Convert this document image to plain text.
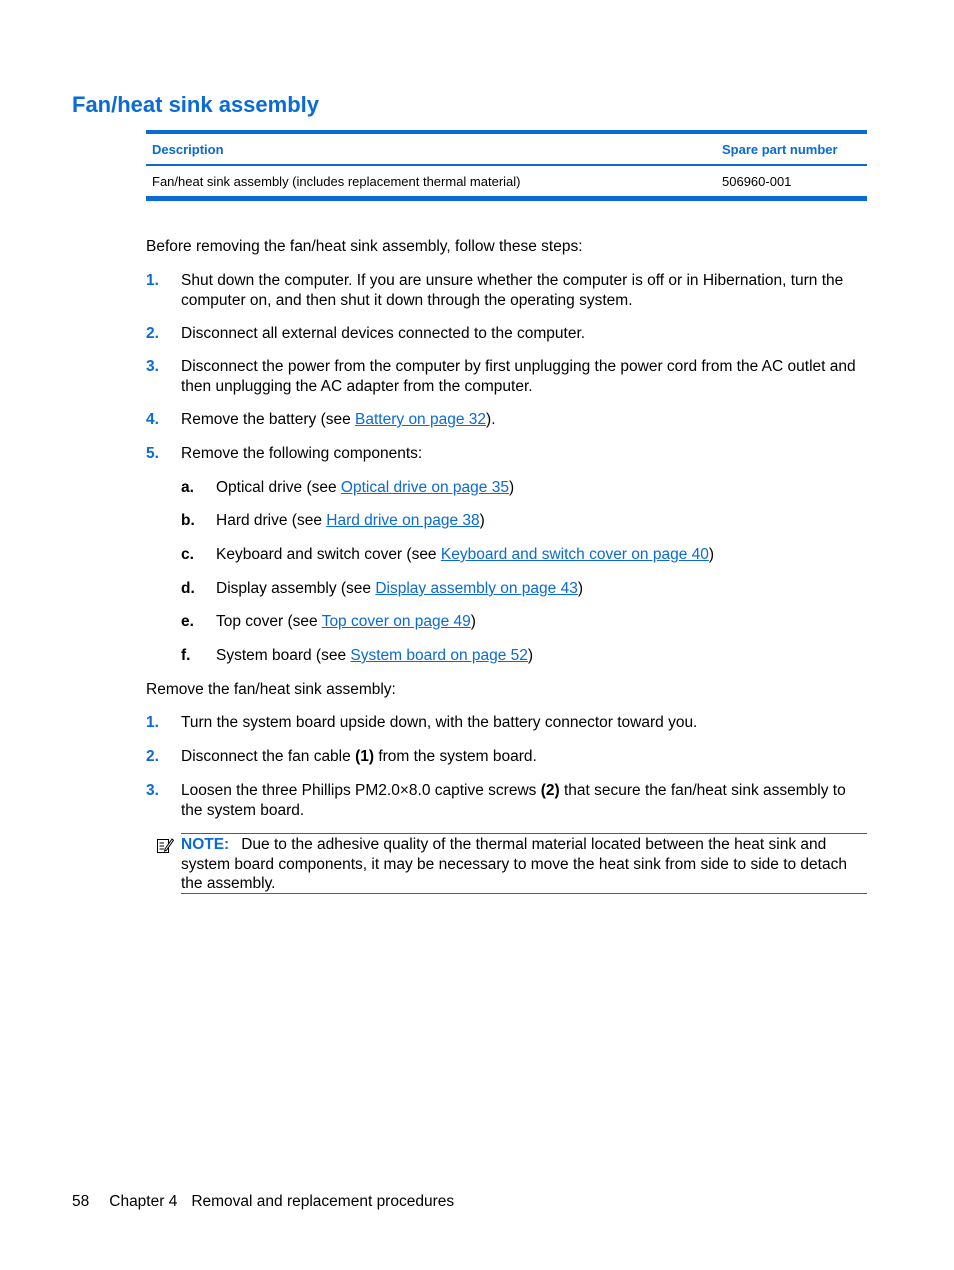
Fan/heat sink assembly
Description	Spare part number
Fan/heat sink assembly (includes replacement thermal material)	506960-001
Before removing the fan/heat sink assembly, follow these steps:
1. Shut down the computer. If you are unsure whether the computer is off or in Hibernation, turn the computer on, and then shut it down through the operating system.
2. Disconnect all external devices connected to the computer.
3. Disconnect the power from the computer by first unplugging the power cord from the AC outlet and then unplugging the AC adapter from the computer.
4. Remove the battery (see Battery on page 32).
5. Remove the following components:
a. Optical drive (see Optical drive on page 35)
b. Hard drive (see Hard drive on page 38)
c. Keyboard and switch cover (see Keyboard and switch cover on page 40)
d. Display assembly (see Display assembly on page 43)
e. Top cover (see Top cover on page 49)
f. System board (see System board on page 52)
Remove the fan/heat sink assembly:
1. Turn the system board upside down, with the battery connector toward you.
2. Disconnect the fan cable (1) from the system board.
3. Loosen the three Phillips PM2.0×8.0 captive screws (2) that secure the fan/heat sink assembly to the system board.
NOTE: Due to the adhesive quality of the thermal material located between the heat sink and system board components, it may be necessary to move the heat sink from side to side to detach the assembly.
58 Chapter 4 Removal and replacement procedures
